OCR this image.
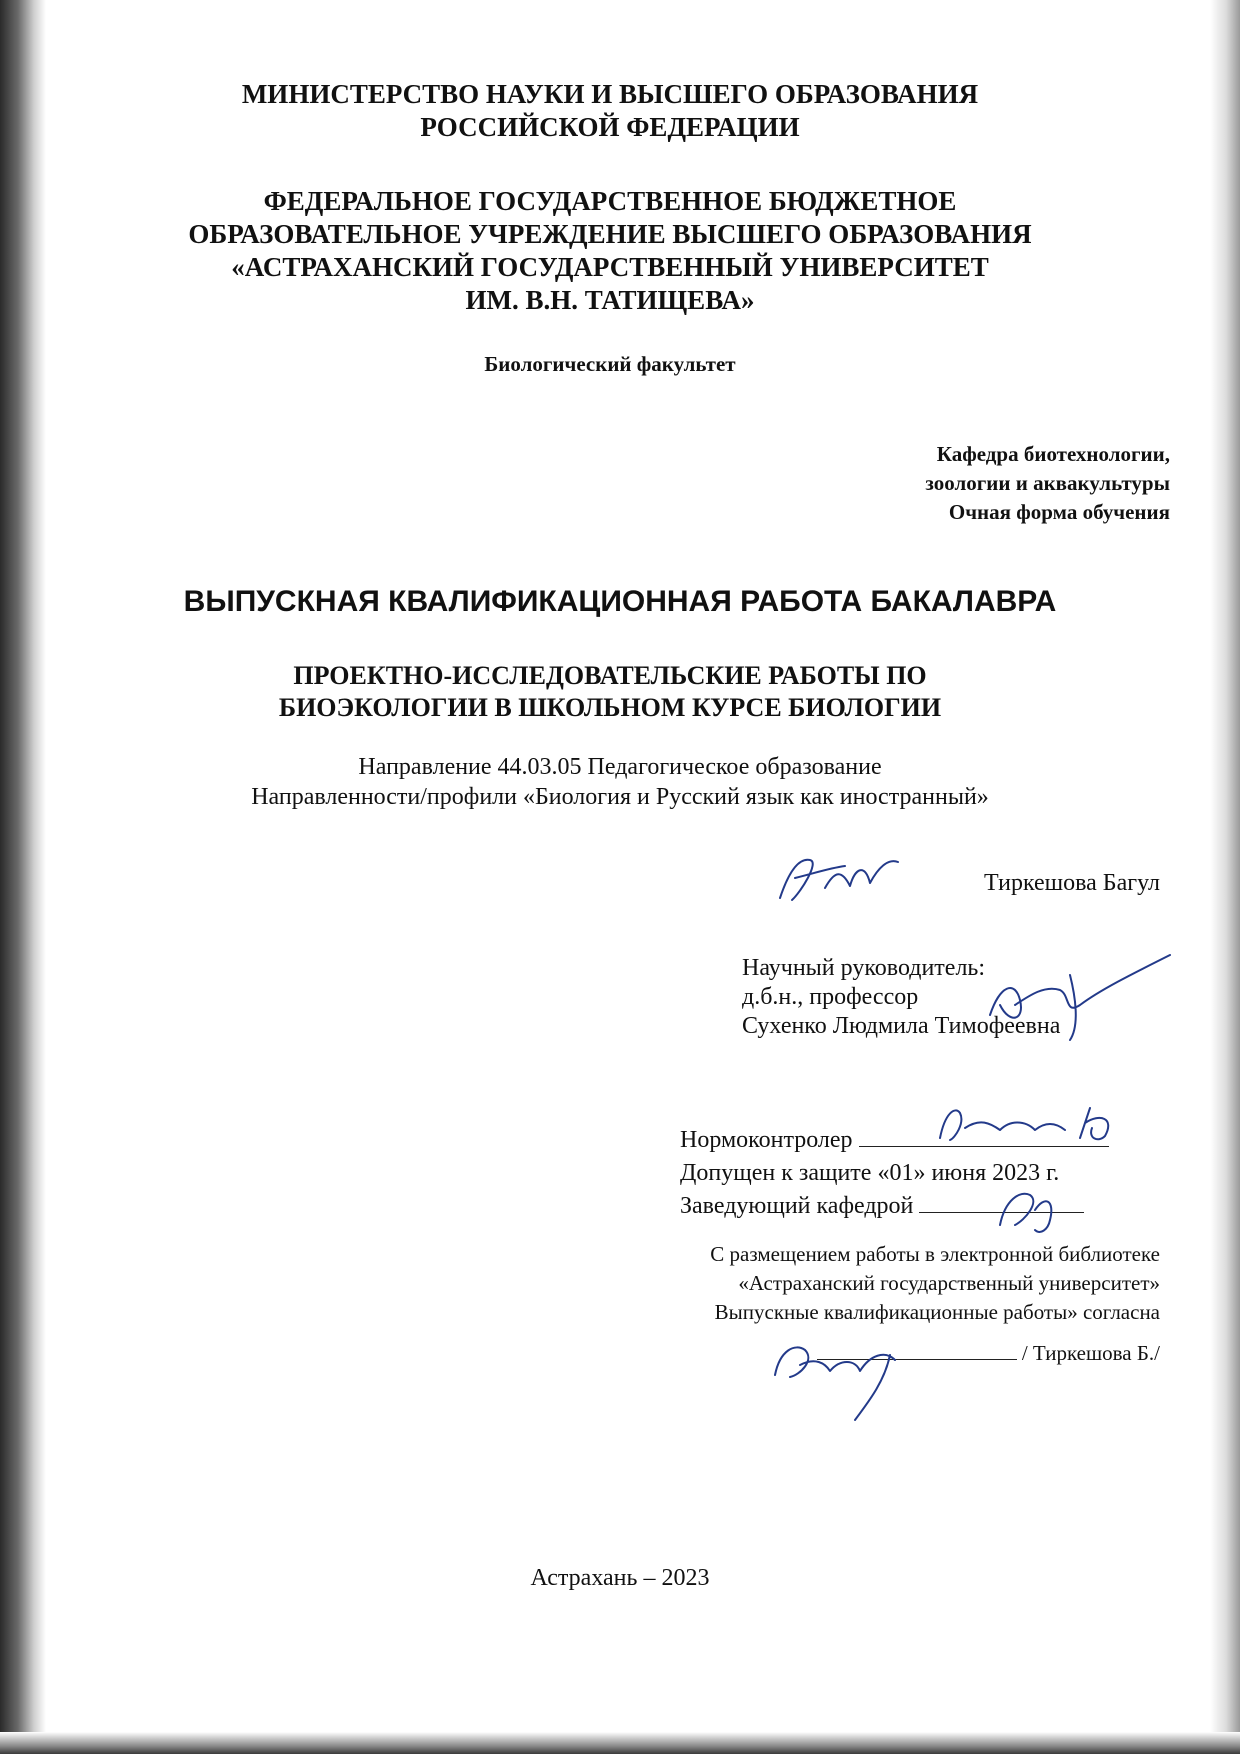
МИНИСТЕРСТВО НАУКИ И ВЫСШЕГО ОБРАЗОВАНИЯ
РОССИЙСКОЙ ФЕДЕРАЦИИ
ФЕДЕРАЛЬНОЕ ГОСУДАРСТВЕННОЕ БЮДЖЕТНОЕ
ОБРАЗОВАТЕЛЬНОЕ УЧРЕЖДЕНИЕ ВЫСШЕГО ОБРАЗОВАНИЯ
«АСТРАХАНСКИЙ ГОСУДАРСТВЕННЫЙ УНИВЕРСИТЕТ
ИМ. В.Н. ТАТИЩЕВА»
Биологический факультет
Кафедра биотехнологии,
зоологии и аквакультуры
Очная форма обучения
ВЫПУСКНАЯ КВАЛИФИКАЦИОННАЯ РАБОТА БАКАЛАВРА
ПРОЕКТНО-ИССЛЕДОВАТЕЛЬСКИЕ РАБОТЫ ПО
БИОЭКОЛОГИИ В ШКОЛЬНОМ КУРСЕ БИОЛОГИИ
Направление 44.03.05 Педагогическое образование
Направленности/профили «Биология и Русский язык как иностранный»
Тиркешова Багул
Научный руководитель:
д.б.н., профессор
Сухенко Людмила Тимофеевна
Нормоконтролер
Допущен к защите «01» июня 2023 г.
Заведующий кафедрой
С размещением работы в электронной библиотеке
«Астраханский государственный университет»
Выпускные квалификационные работы» согласна
/ Тиркешова Б./
Астрахань – 2023
